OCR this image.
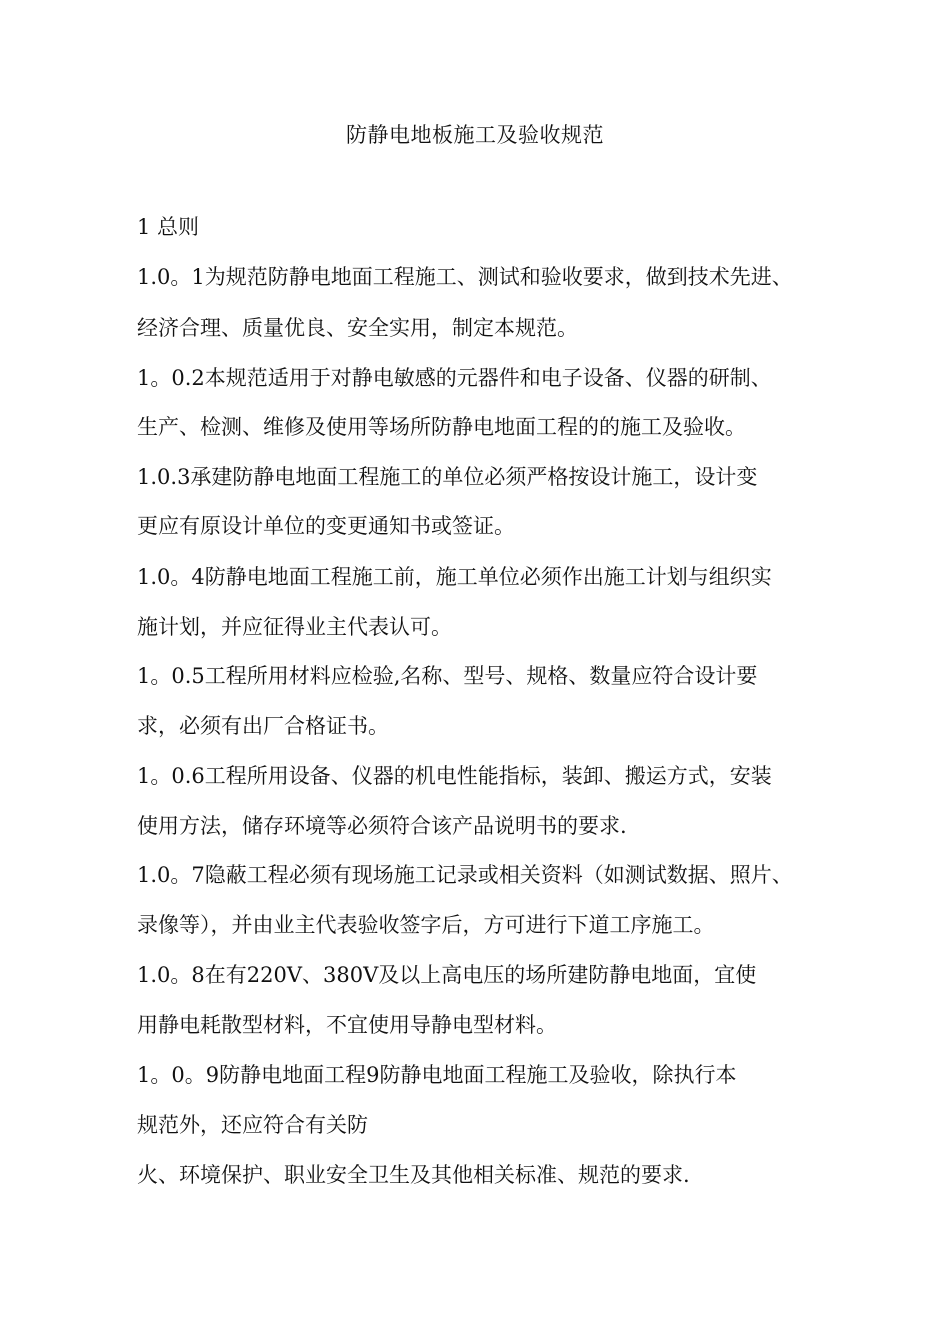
防静电地板施工及验收规范
1 总则
1.0。1为规范防静电地面工程施工、测试和验收要求，做到技术先进、
经济合理、质量优良、安全实用，制定本规范。
1。0.2本规范适用于对静电敏感的元器件和电子设备、仪器的研制、
生产、检测、维修及使用等场所防静电地面工程的的施工及验收。
1.0.3承建防静电地面工程施工的单位必须严格按设计施工，设计变
更应有原设计单位的变更通知书或签证。
1.0。4防静电地面工程施工前，施工单位必须作出施工计划与组织实
施计划，并应征得业主代表认可。
1。0.5工程所用材料应检验,名称、型号、规格、数量应符合设计要
求，必须有出厂合格证书。
1。0.6工程所用设备、仪器的机电性能指标，装卸、搬运方式，安装
使用方法，储存环境等必须符合该产品说明书的要求.
1.0。7隐蔽工程必须有现场施工记录或相关资料（如测试数据、照片、
录像等），并由业主代表验收签字后，方可进行下道工序施工。
1.0。8在有220V、380V及以上高电压的场所建防静电地面，宜使
用静电耗散型材料，不宜使用导静电型材料。
1。0。9防静电地面工程9防静电地面工程施工及验收，除执行本
规范外，还应符合有关防
火、环境保护、职业安全卫生及其他相关标准、规范的要求.
